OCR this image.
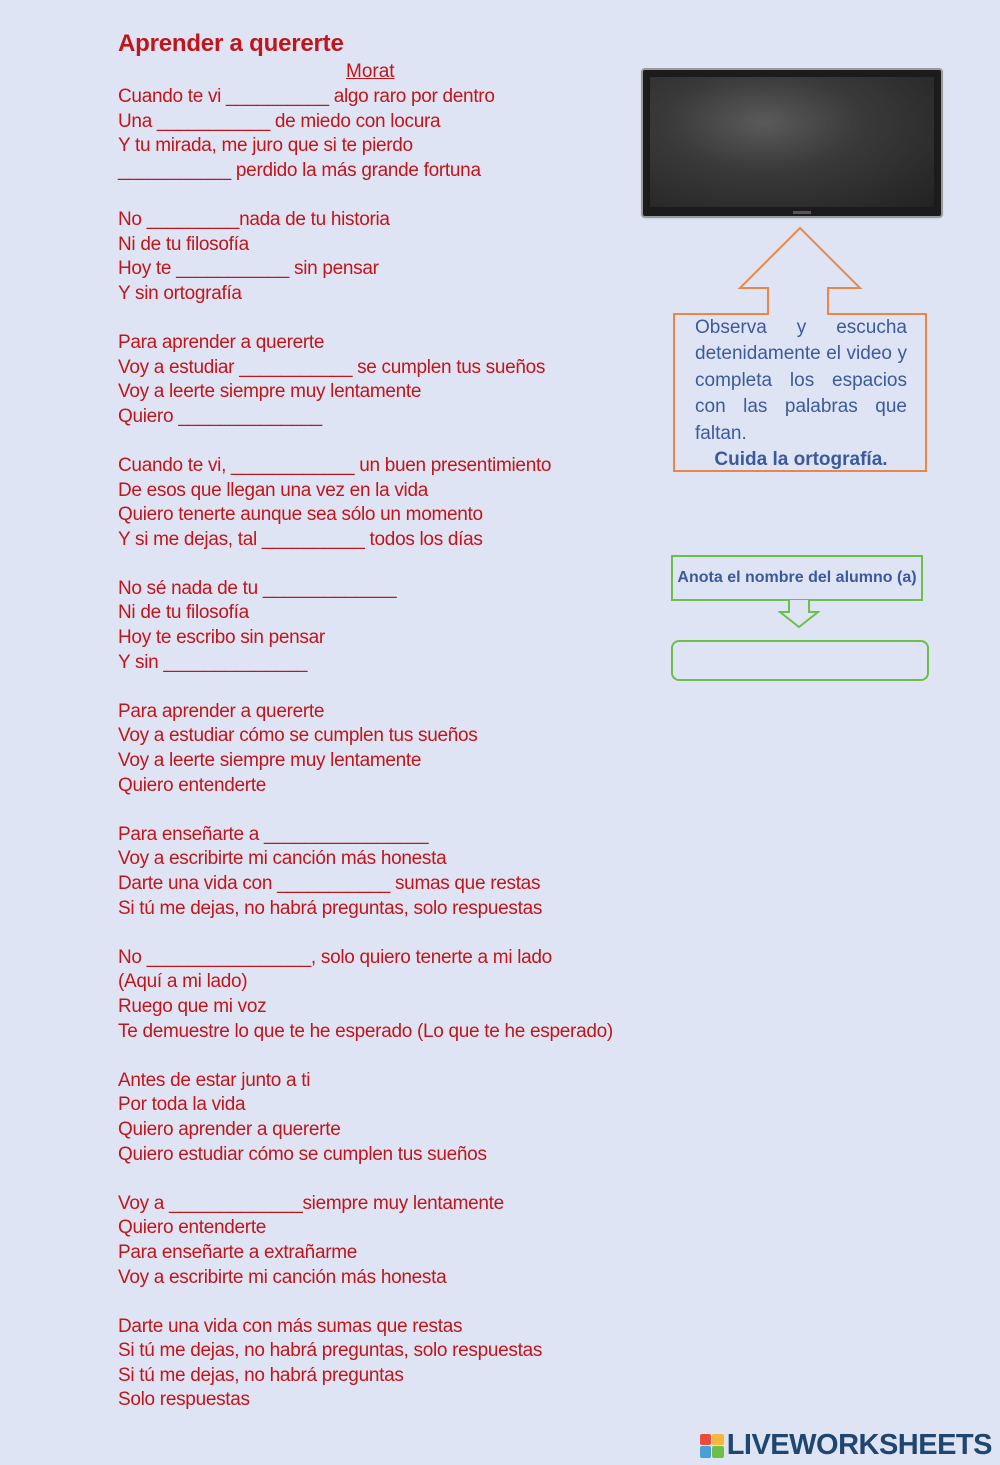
Aprender a quererte
Morat
Cuando te vi __________ algo raro por dentro
Una ___________ de miedo con locura
Y tu mirada, me juro que si te pierdo
___________ perdido la más grande fortuna
No _________nada de tu historia
Ni de tu filosofía
Hoy te ___________ sin pensar
Y sin ortografía
Para aprender a quererte
Voy a estudiar ___________ se cumplen tus sueños
Voy a leerte siempre muy lentamente
Quiero ______________
Cuando te vi, ____________ un buen presentimiento
De esos que llegan una vez en la vida
Quiero tenerte aunque sea sólo un momento
Y si me dejas, tal __________ todos los días
No sé nada de tu _____________
Ni de tu filosofía
Hoy te escribo sin pensar
Y sin ______________
Para aprender a quererte
Voy a estudiar cómo se cumplen tus sueños
Voy a leerte siempre muy lentamente
Quiero entenderte
Para enseñarte a ________________
Voy a escribirte mi canción más honesta
Darte una vida con ___________ sumas que restas
Si tú me dejas, no habrá preguntas, solo respuestas
No ________________, solo quiero tenerte a mi lado
(Aquí a mi lado)
Ruego que mi voz
Te demuestre lo que te he esperado (Lo que te he esperado)
Antes de estar junto a ti
Por toda la vida
Quiero aprender a quererte
Quiero estudiar cómo se cumplen tus sueños
Voy a _____________siempre muy lentamente
Quiero entenderte
Para enseñarte a extrañarme
Voy a escribirte mi canción más honesta
Darte una vida con más sumas que restas
Si tú me dejas, no habrá preguntas, solo respuestas
Si tú me dejas, no habrá preguntas
Solo respuestas
Observa y escucha detenidamente el video y completa los espacios con las palabras que faltan.
Cuida la ortografía.
Anota el nombre del alumno (a)
LIVEWORKSHEETS
